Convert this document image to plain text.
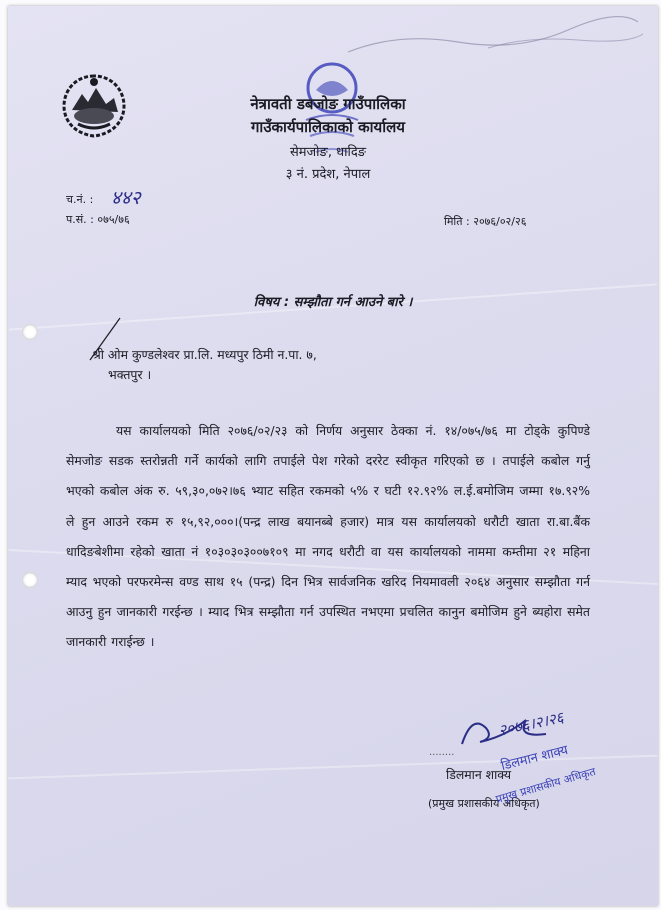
नेत्रावती डबजोङ गाउँपालिका
गाउँकार्यपालिकाको कार्यालय
सेमजोङ, धादिङ
३ नं. प्रदेश, नेपाल
च.नं. : ४४२
प.सं. : ०७५/७६	मिति : २०७६/०२/२६
विषय : सम्झौता गर्न आउने बारे ।
श्री ओम कुण्डलेश्वर प्रा.लि. मध्यपुर ठिमी न.पा. ७,
भक्तपुर ।
यस कार्यालयको मिति २०७६/०२/२३ को निर्णय अनुसार ठेक्का नं. १४/०७५/७६ मा टोड्के कुपिण्डे सेमजोङ सडक स्तरोन्नती गर्ने कार्यको लागि तपाईले पेश गरेको दररेट स्वीकृत गरिएको छ । तपाईले कबोल गर्नु भएको कबोल अंक रु. ५९,३०,०७२।७६ भ्याट सहित रकमको ५% र घटी १२.९२% ल.ई.बमोजिम जम्मा १७.९२% ले हुन आउने रकम रु १५,९२,०००।(पन्द्र लाख बयानब्बे हजार) मात्र यस कार्यालयको धरौटी खाता रा.बा.बैंक धादिङबेशीमा रहेको खाता नं १०३०३०३००७१०९ मा नगद धरौटी वा यस कार्यालयको नाममा कम्तीमा २१ महिना म्याद भएको परफरमेन्स वण्ड साथ १५ (पन्द्र) दिन भित्र सार्वजनिक खरिद नियमावली २०६४ अनुसार सम्झौता गर्न आउनु हुन जानकारी गरईन्छ । म्याद भित्र सम्झौता गर्न उपस्थित नभएमा प्रचलित कानुन बमोजिम हुने ब्यहोरा समेत जानकारी गराईन्छ ।
२०७६।२।२६
........
डिलमान शाक्य
(प्रमुख प्रशासकीय अधिकृत)
डिलमान शाक्य
प्रमुख प्रशासकीय अधिकृत
